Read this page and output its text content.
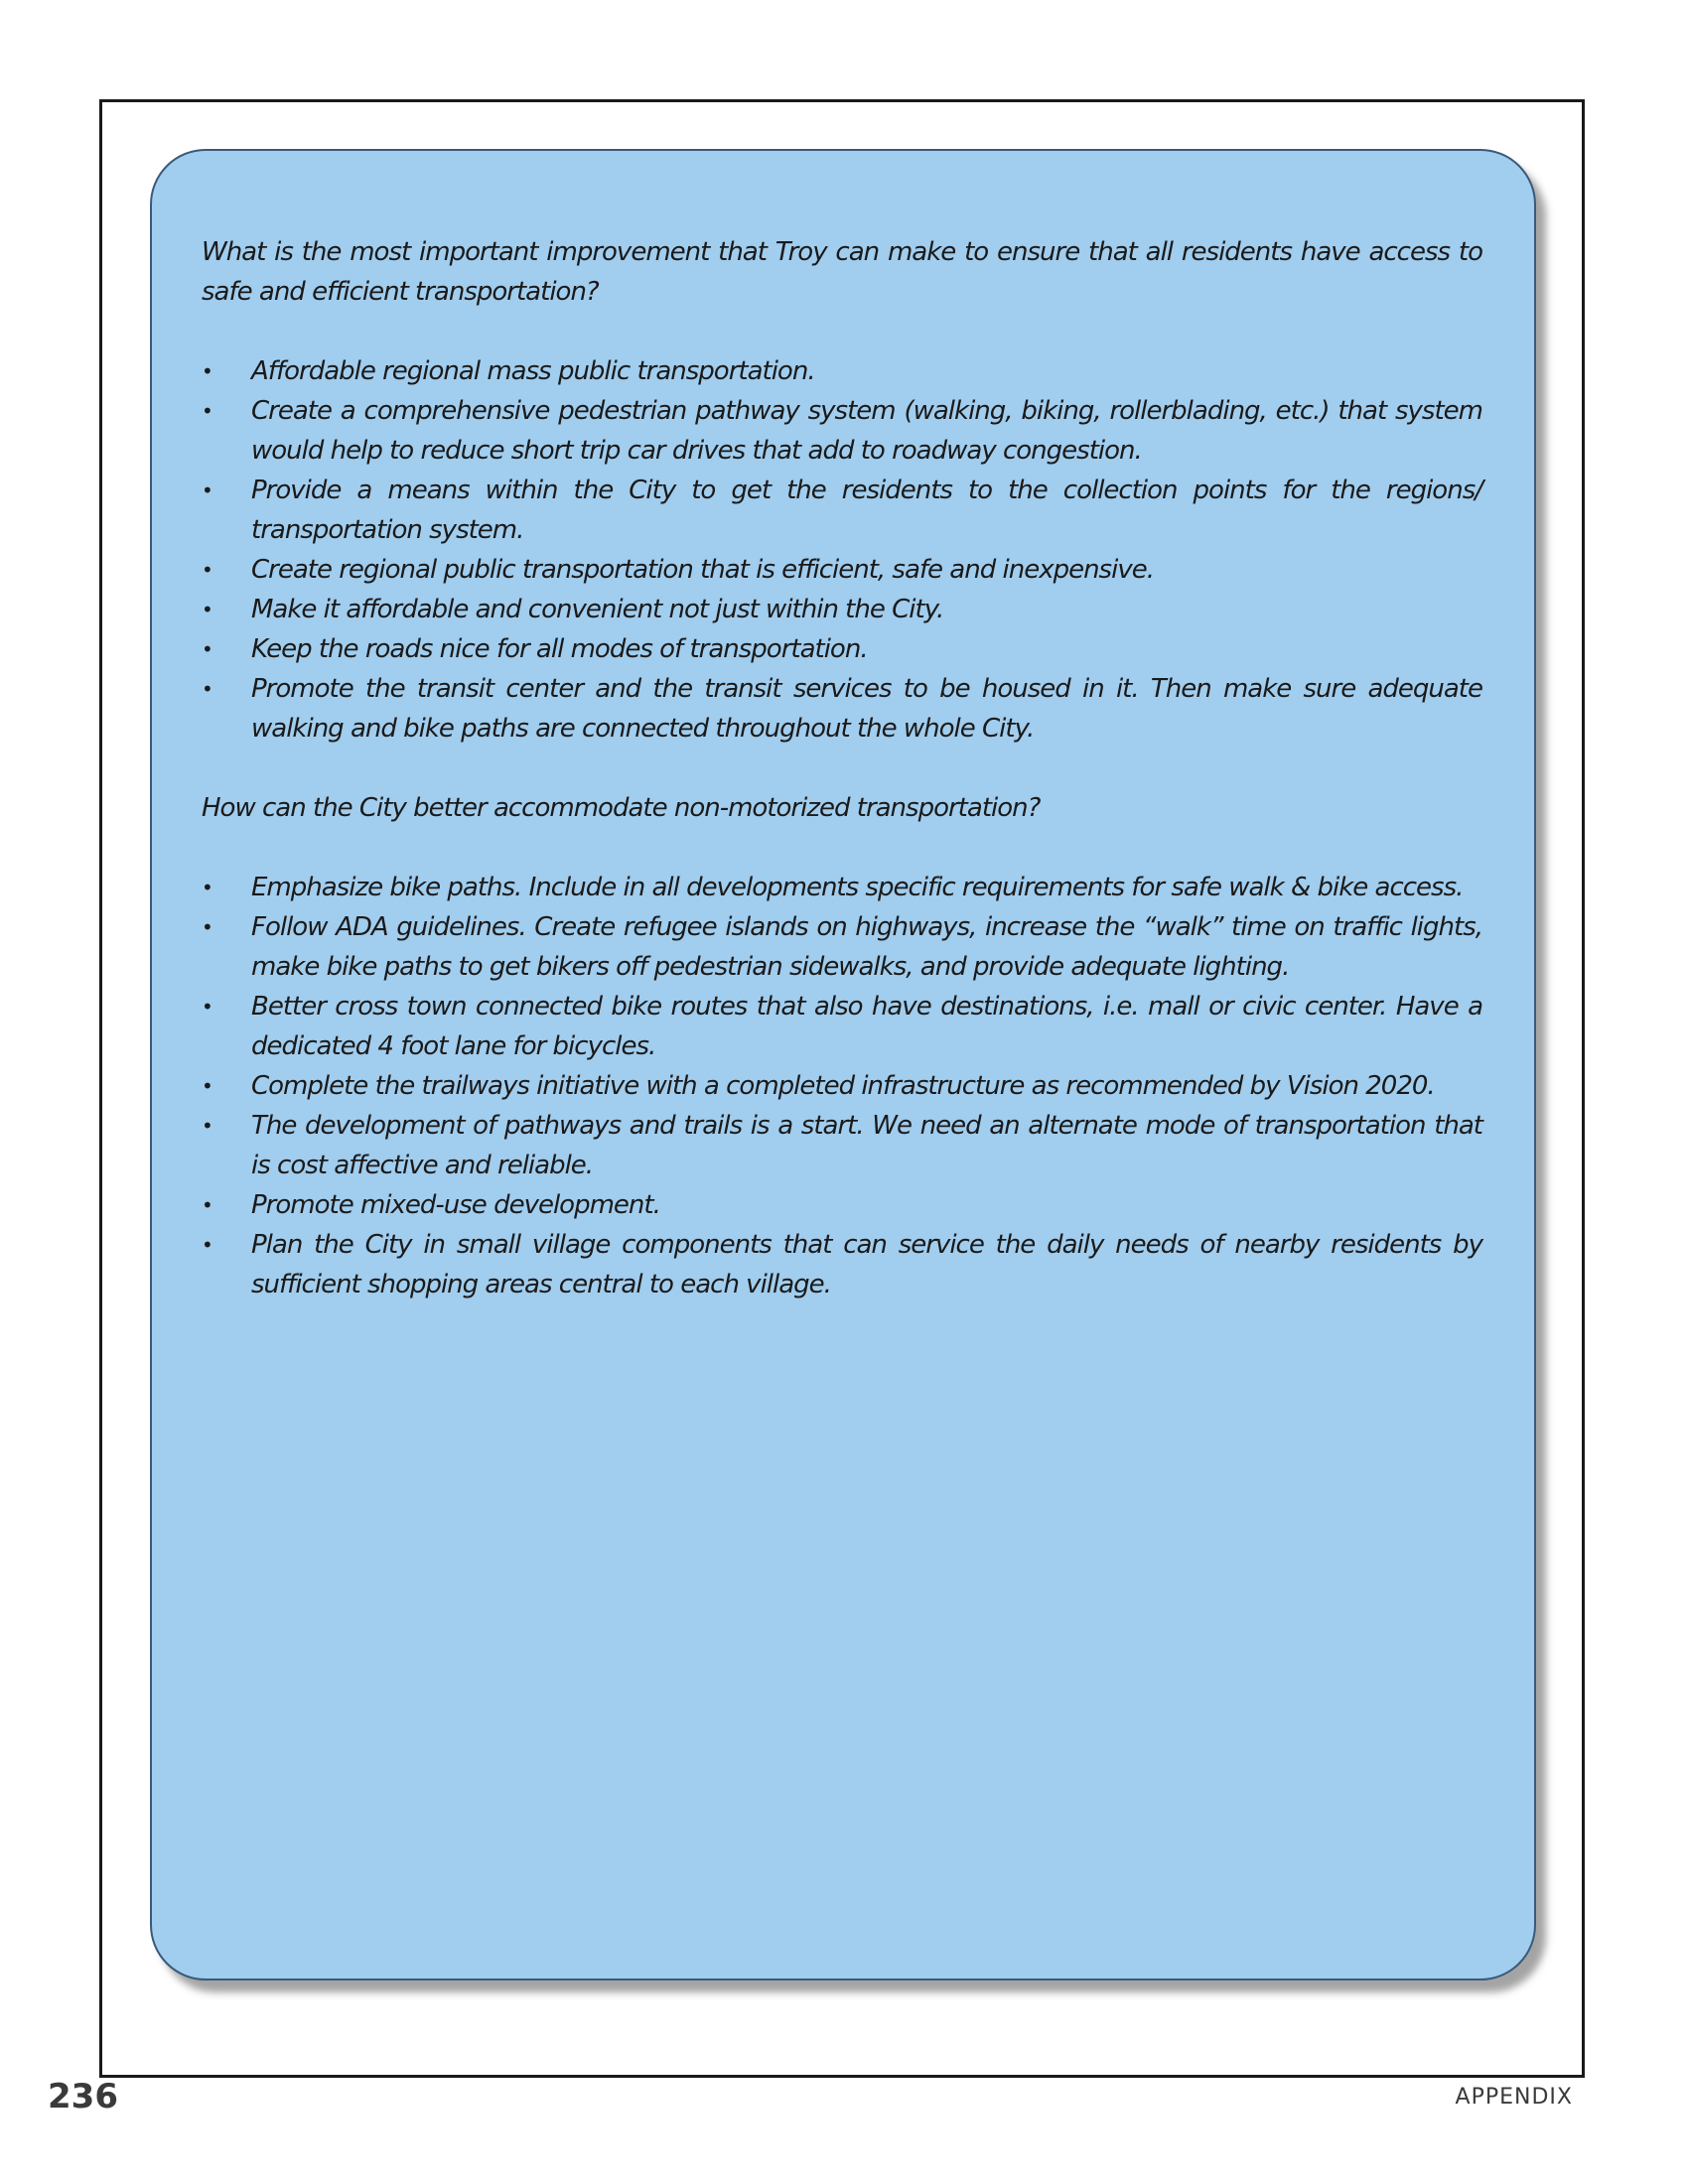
What is the most important improvement that Troy can make to ensure that all residents have access to safe and efficient transportation?

• Affordable regional mass public transportation.
• Create a comprehensive pedestrian pathway system (walking, biking, rollerblading, etc.) that system would help to reduce short trip car drives that add to roadway congestion.
• Provide a means within the City to get the residents to the collection points for the regions/ transportation system.
• Create regional public transportation that is efficient, safe and inexpensive.
• Make it affordable and convenient not just within the City.
• Keep the roads nice for all modes of transportation.
• Promote the transit center and the transit services to be housed in it. Then make sure adequate walking and bike paths are connected throughout the whole City.

How can the City better accommodate non-motorized transportation?

• Emphasize bike paths. Include in all developments specific requirements for safe walk & bike access.
• Follow ADA guidelines. Create refugee islands on highways, increase the “walk” time on traffic lights, make bike paths to get bikers off pedestrian sidewalks, and provide adequate lighting.
• Better cross town connected bike routes that also have destinations, i.e. mall or civic center. Have a dedicated 4 foot lane for bicycles.
• Complete the trailways initiative with a completed infrastructure as recommended by Vision 2020.
• The development of pathways and trails is a start. We need an alternate mode of transportation that is cost affective and reliable.
• Promote mixed-use development.
• Plan the City in small village components that can service the daily needs of nearby residents by sufficient shopping areas central to each village.
236	APPENDIX
